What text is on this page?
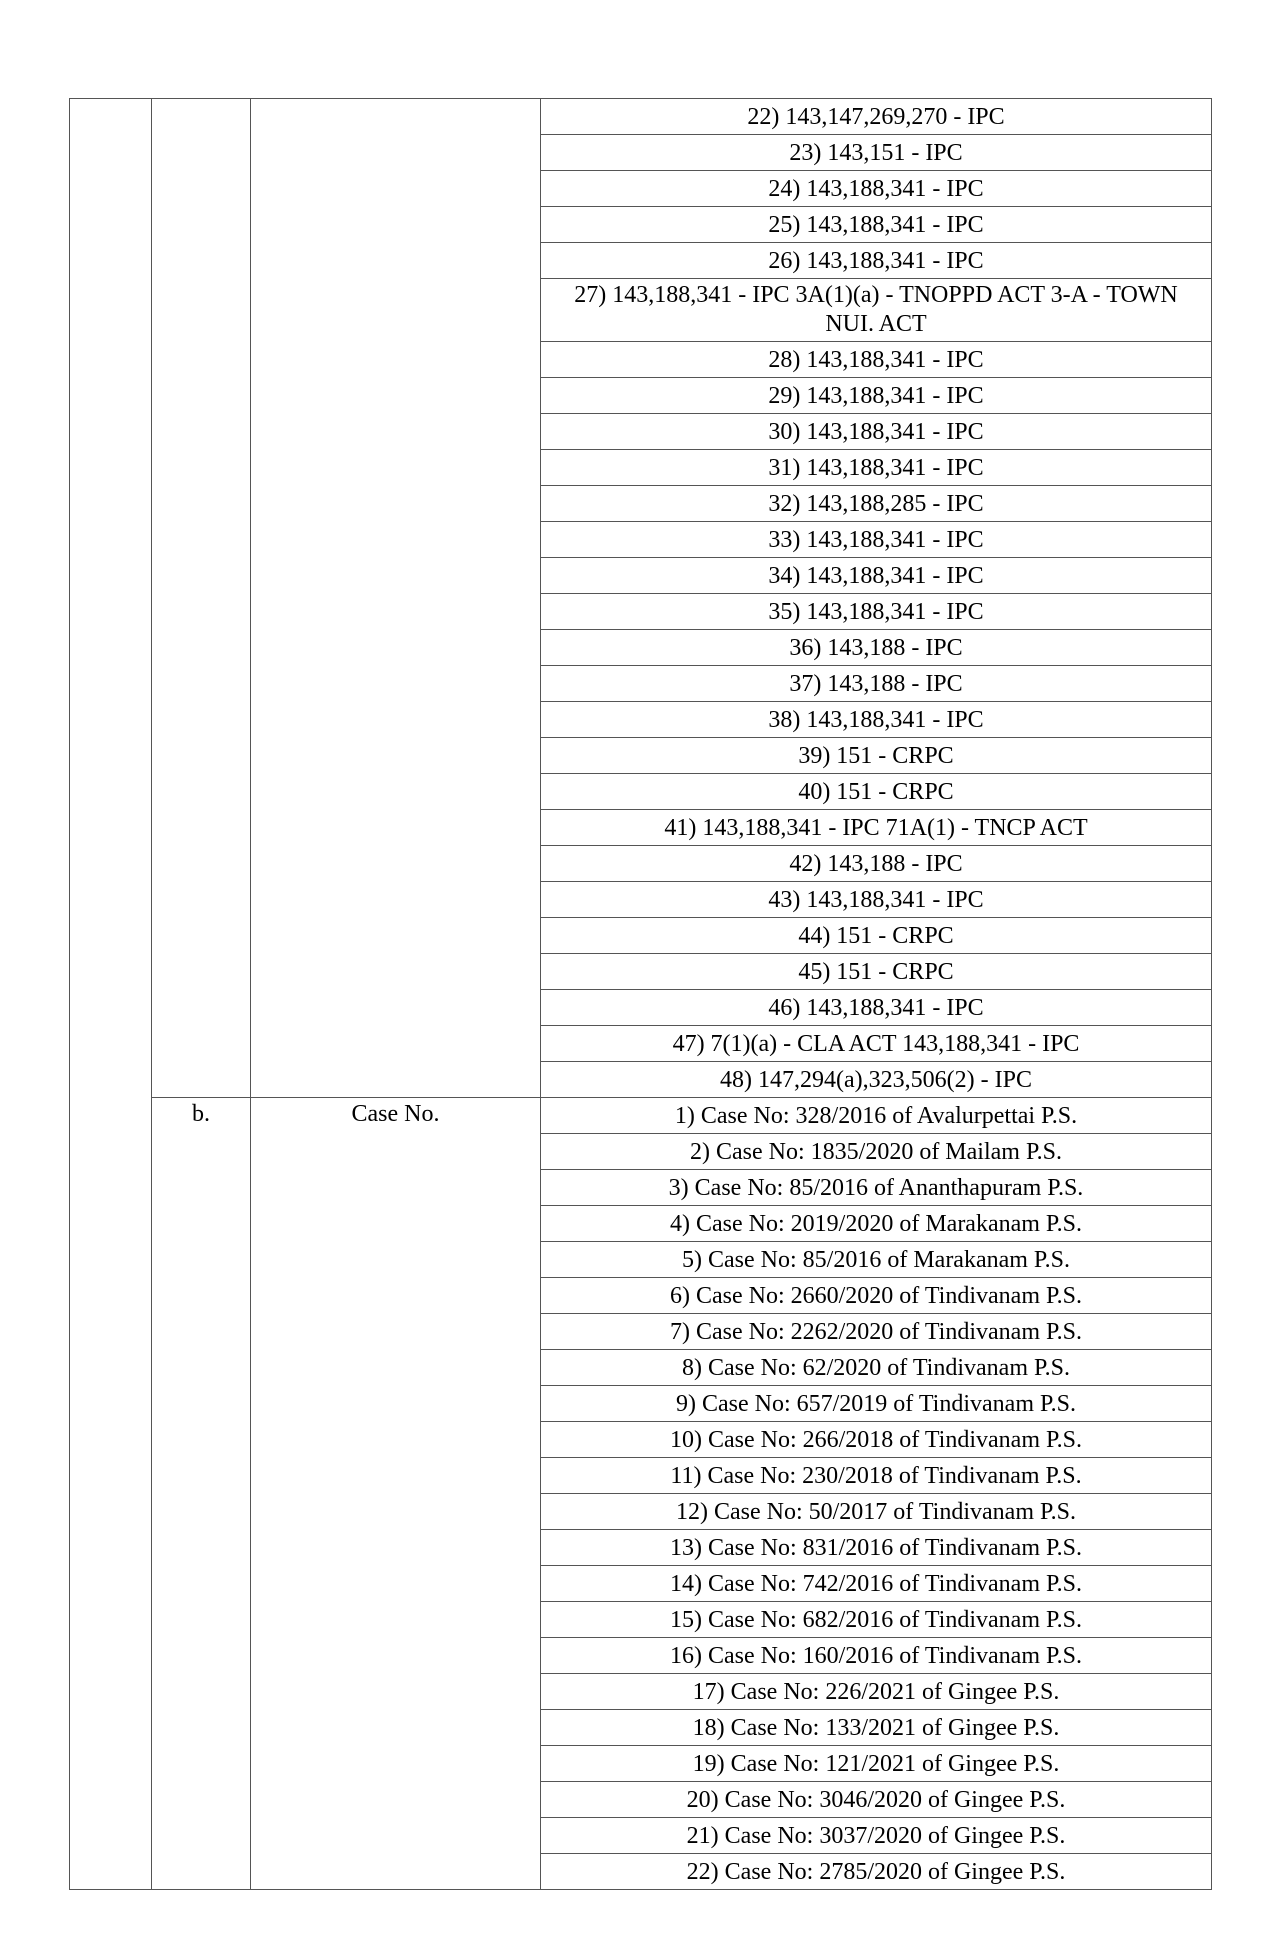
			22) 143,147,269,270 - IPC
			23) 143,151 - IPC
			24) 143,188,341 - IPC
			25) 143,188,341 - IPC
			26) 143,188,341 - IPC
			27) 143,188,341 - IPC 3A(1)(a) - TNOPPD ACT 3-A - TOWN NUI. ACT
			28) 143,188,341 - IPC
			29) 143,188,341 - IPC
			30) 143,188,341 - IPC
			31) 143,188,341 - IPC
			32) 143,188,285 - IPC
			33) 143,188,341 - IPC
			34) 143,188,341 - IPC
			35) 143,188,341 - IPC
			36) 143,188 - IPC
			37) 143,188 - IPC
			38) 143,188,341 - IPC
			39) 151 - CRPC
			40) 151 - CRPC
			41) 143,188,341 - IPC 71A(1) - TNCP ACT
			42) 143,188 - IPC
			43) 143,188,341 - IPC
			44) 151 - CRPC
			45) 151 - CRPC
			46) 143,188,341 - IPC
			47) 7(1)(a) - CLA ACT 143,188,341 - IPC
			48) 147,294(a),323,506(2) - IPC
	b.	Case No.	1) Case No: 328/2016 of Avalurpettai P.S.
			2) Case No: 1835/2020 of Mailam P.S.
			3) Case No: 85/2016 of Ananthapuram P.S.
			4) Case No: 2019/2020 of Marakanam P.S.
			5) Case No: 85/2016 of Marakanam P.S.
			6) Case No: 2660/2020 of Tindivanam P.S.
			7) Case No: 2262/2020 of Tindivanam P.S.
			8) Case No: 62/2020 of Tindivanam P.S.
			9) Case No: 657/2019 of Tindivanam P.S.
			10) Case No: 266/2018 of Tindivanam P.S.
			11) Case No: 230/2018 of Tindivanam P.S.
			12) Case No: 50/2017 of Tindivanam P.S.
			13) Case No: 831/2016 of Tindivanam P.S.
			14) Case No: 742/2016 of Tindivanam P.S.
			15) Case No: 682/2016 of Tindivanam P.S.
			16) Case No: 160/2016 of Tindivanam P.S.
			17) Case No: 226/2021 of Gingee P.S.
			18) Case No: 133/2021 of Gingee P.S.
			19) Case No: 121/2021 of Gingee P.S.
			20) Case No: 3046/2020 of Gingee P.S.
			21) Case No: 3037/2020 of Gingee P.S.
			22) Case No: 2785/2020 of Gingee P.S.
